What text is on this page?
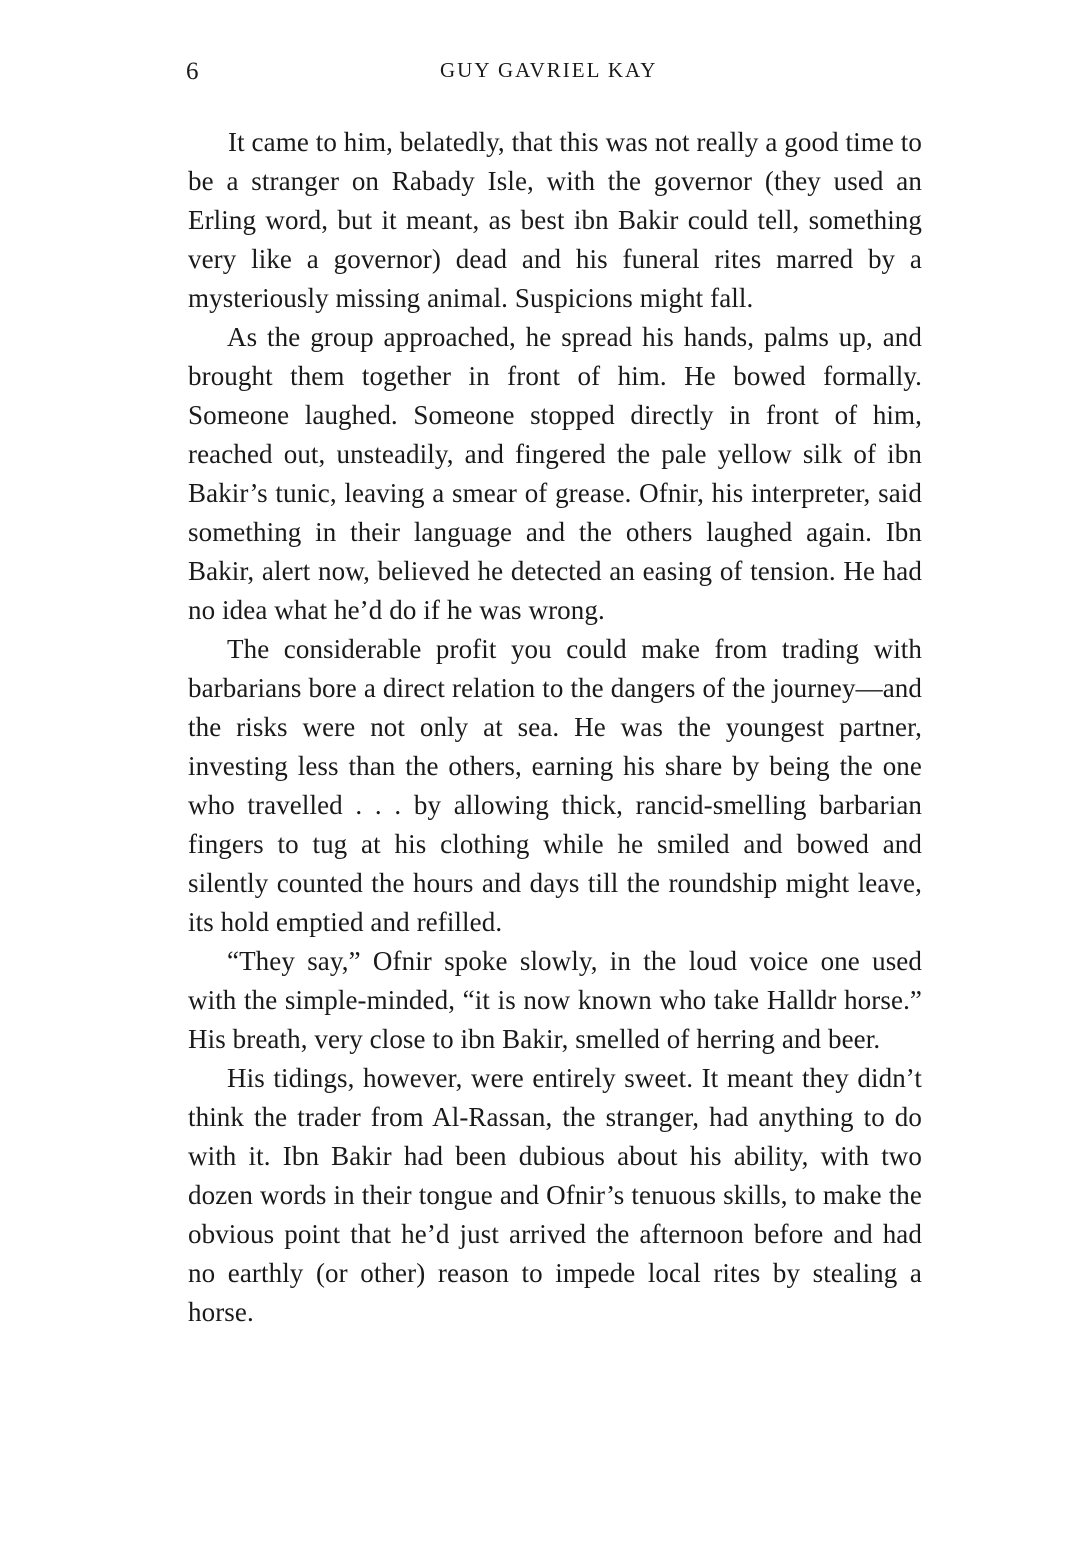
6	GUY GAVRIEL KAY

It came to him, belatedly, that this was not really a good time to be a stranger on Rabady Isle, with the governor (they used an Erling word, but it meant, as best ibn Bakir could tell, something very like a governor) dead and his funeral rites marred by a mysteriously missing animal. Suspicions might fall.

As the group approached, he spread his hands, palms up, and brought them together in front of him. He bowed formally. Someone laughed. Someone stopped directly in front of him, reached out, unsteadily, and fingered the pale yellow silk of ibn Bakir’s tunic, leaving a smear of grease. Ofnir, his interpreter, said something in their language and the others laughed again. Ibn Bakir, alert now, believed he detected an easing of tension. He had no idea what he’d do if he was wrong.

The considerable profit you could make from trading with barbarians bore a direct relation to the dangers of the journey—and the risks were not only at sea. He was the youngest partner, investing less than the others, earning his share by being the one who travelled . . . by allowing thick, rancid-smelling barbarian fingers to tug at his clothing while he smiled and bowed and silently counted the hours and days till the roundship might leave, its hold emptied and refilled.

“They say,” Ofnir spoke slowly, in the loud voice one used with the simple-minded, “it is now known who take Halldr horse.” His breath, very close to ibn Bakir, smelled of herring and beer.

His tidings, however, were entirely sweet. It meant they didn’t think the trader from Al-Rassan, the stranger, had anything to do with it. Ibn Bakir had been dubious about his ability, with two dozen words in their tongue and Ofnir’s tenuous skills, to make the obvious point that he’d just arrived the afternoon before and had no earthly (or other) reason to impede local rites by stealing a horse.
